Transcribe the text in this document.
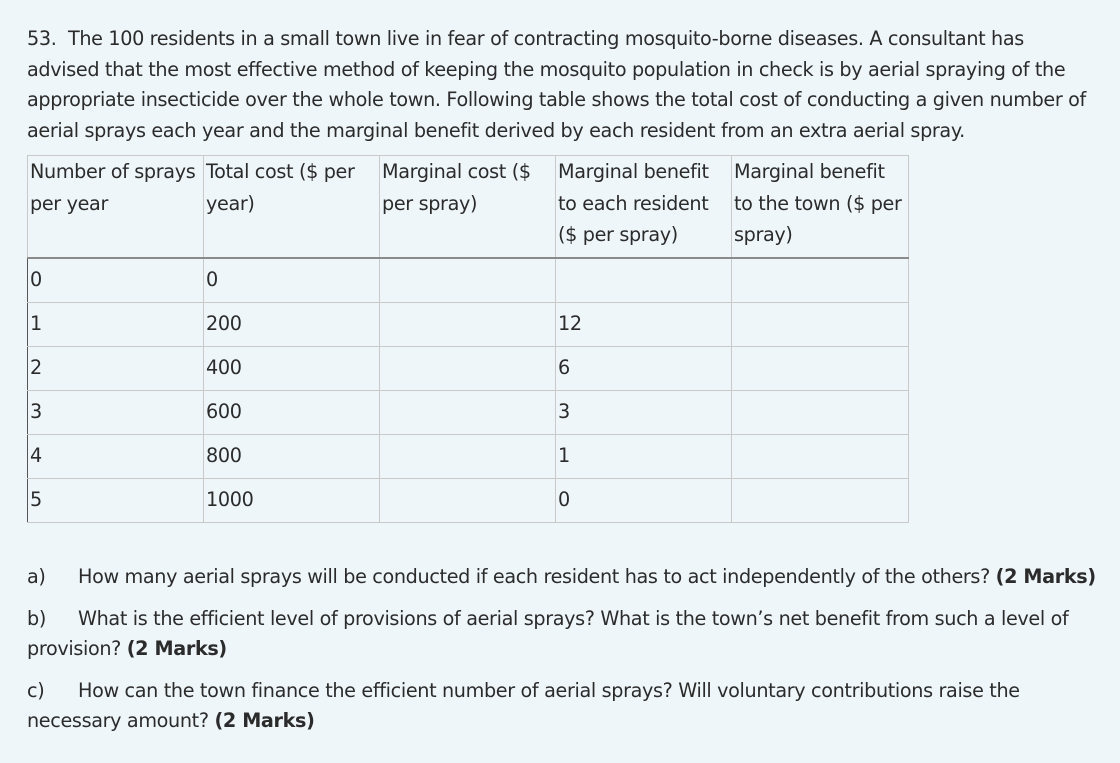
53. The 100 residents in a small town live in fear of contracting mosquito-borne diseases. A consultant has advised that the most effective method of keeping the mosquito population in check is by aerial spraying of the appropriate insecticide over the whole town. Following table shows the total cost of conducting a given number of aerial sprays each year and the marginal benefit derived by each resident from an extra aerial spray.

Number of sprays per year	Total cost ($ per year)	Marginal cost ($ per spray)	Marginal benefit to each resident ($ per spray)	Marginal benefit to the town ($ per spray)
0	0			
1	200		12	
2	400		6	
3	600		3	
4	800		1	
5	1000		0	

a) How many aerial sprays will be conducted if each resident has to act independently of the others? (2 Marks)

b) What is the efficient level of provisions of aerial sprays? What is the town’s net benefit from such a level of provision? (2 Marks)

c) How can the town finance the efficient number of aerial sprays? Will voluntary contributions raise the necessary amount? (2 Marks)
